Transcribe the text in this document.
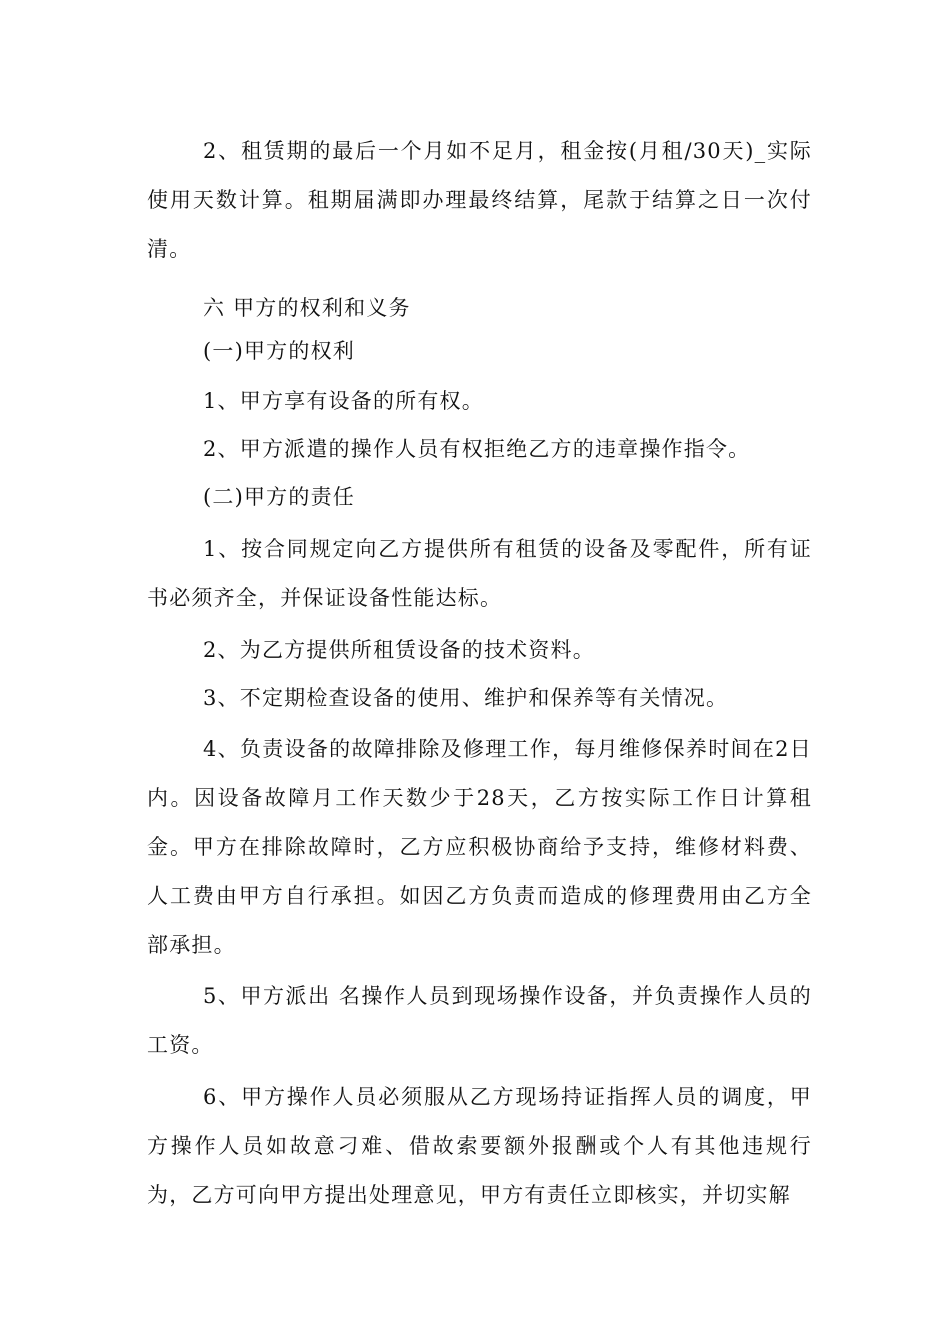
2、租赁期的最后一个月如不足月，租金按(月租/30天)_实际使用天数计算。租期届满即办理最终结算，尾款于结算之日一次付清。

六 甲方的权利和义务

(一)甲方的权利

1、甲方享有设备的所有权。

2、甲方派遣的操作人员有权拒绝乙方的违章操作指令。

(二)甲方的责任

1、按合同规定向乙方提供所有租赁的设备及零配件，所有证书必须齐全，并保证设备性能达标。

2、为乙方提供所租赁设备的技术资料。

3、不定期检查设备的使用、维护和保养等有关情况。

4、负责设备的故障排除及修理工作，每月维修保养时间在2日内。因设备故障月工作天数少于28天，乙方按实际工作日计算租金。甲方在排除故障时，乙方应积极协商给予支持，维修材料费、人工费由甲方自行承担。如因乙方负责而造成的修理费用由乙方全部承担。

5、甲方派出 名操作人员到现场操作设备，并负责操作人员的工资。

6、甲方操作人员必须服从乙方现场持证指挥人员的调度，甲方操作人员如故意刁难、借故索要额外报酬或个人有其他违规行为，乙方可向甲方提出处理意见，甲方有责任立即核实，并切实解
